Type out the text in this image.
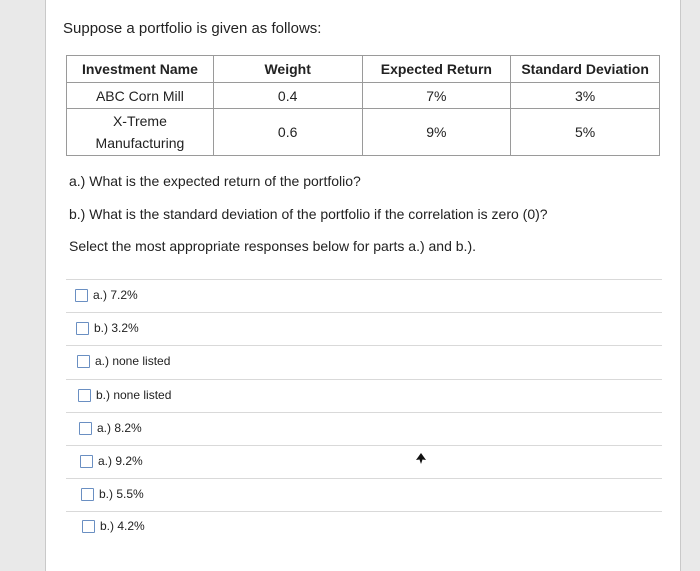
Suppose a portfolio is given as follows:
Investment Name	Weight	Expected Return	Standard Deviation
ABC Corn Mill	0.4	7%	3%

X-Treme
Manufacturing	0.6	9%	5%
a.) What is the expected return of the portfolio?
b.) What is the standard deviation of the portfolio if the correlation is zero (0)?
Select the most appropriate responses below for parts a.) and b.).
a.) 7.2%
b.) 3.2%
a.) none listed
b.) none listed
a.) 8.2%
a.) 9.2%
b.) 5.5%
b.) 4.2%
